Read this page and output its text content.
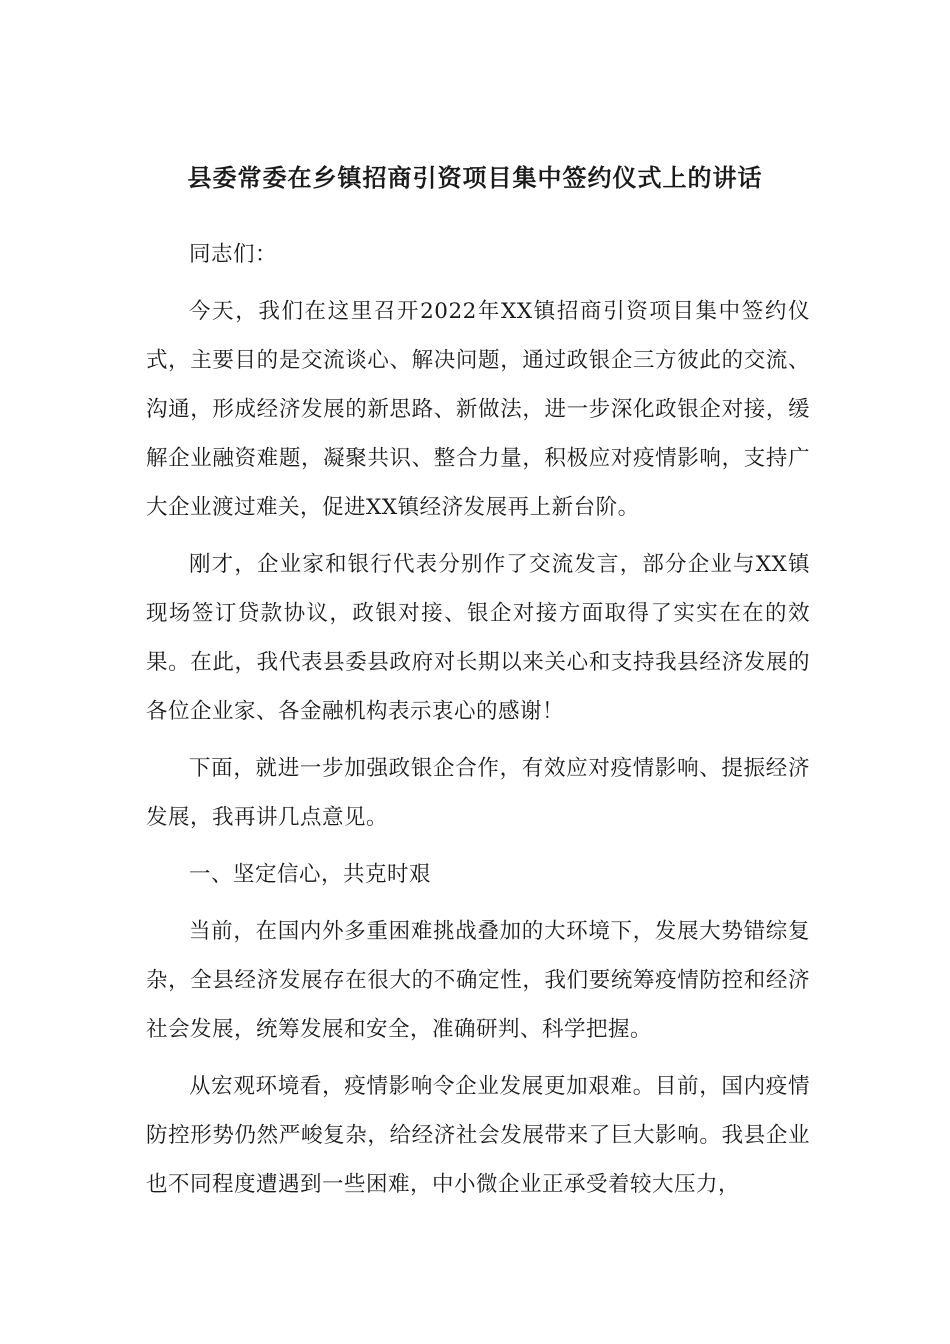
县委常委在乡镇招商引资项目集中签约仪式上的讲话

同志们：

今天，我们在这里召开2022年XX镇招商引资项目集中签约仪式，主要目的是交流谈心、解决问题，通过政银企三方彼此的交流、沟通，形成经济发展的新思路、新做法，进一步深化政银企对接，缓解企业融资难题，凝聚共识、整合力量，积极应对疫情影响，支持广大企业渡过难关，促进XX镇经济发展再上新台阶。

刚才，企业家和银行代表分别作了交流发言，部分企业与XX镇现场签订贷款协议，政银对接、银企对接方面取得了实实在在的效果。在此，我代表县委县政府对长期以来关心和支持我县经济发展的各位企业家、各金融机构表示衷心的感谢！

下面，就进一步加强政银企合作，有效应对疫情影响、提振经济发展，我再讲几点意见。

一、坚定信心，共克时艰

当前，在国内外多重困难挑战叠加的大环境下，发展大势错综复杂，全县经济发展存在很大的不确定性，我们要统筹疫情防控和经济社会发展，统筹发展和安全，准确研判、科学把握。

从宏观环境看，疫情影响令企业发展更加艰难。目前，国内疫情防控形势仍然严峻复杂，给经济社会发展带来了巨大影响。我县企业也不同程度遭遇到一些困难，中小微企业正承受着较大压力，
